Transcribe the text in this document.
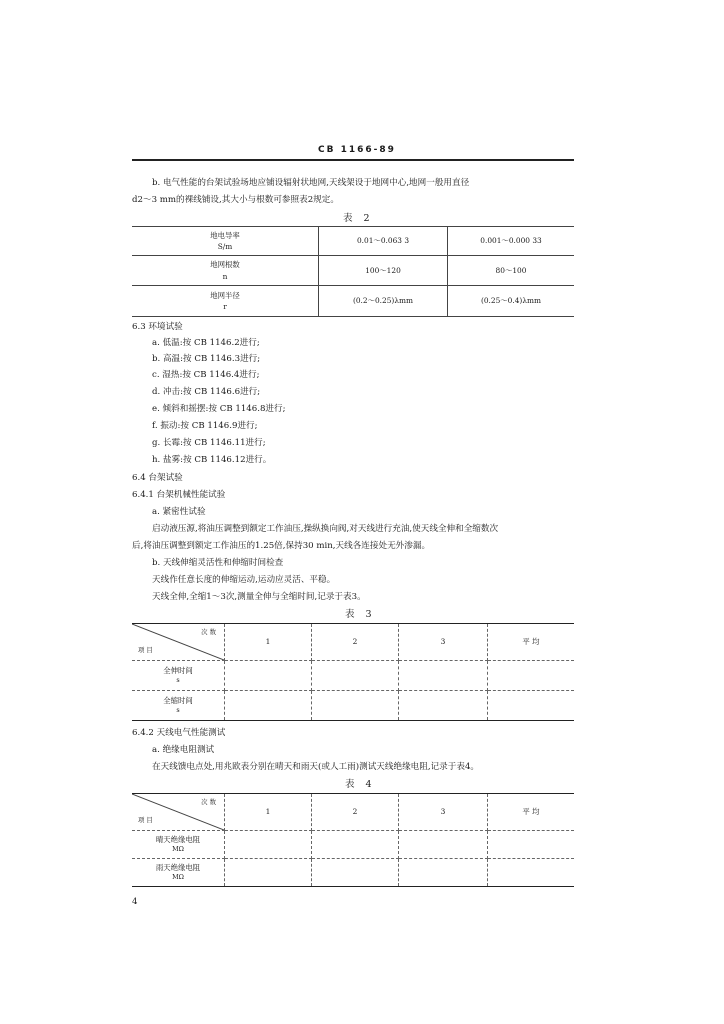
CB 1166-89
b. 电气性能的台架试验场地应铺设辐射状地网,天线架设于地网中心,地网一般用直径
d2～3 mm的裸线铺设,其大小与根数可参照表2规定。
表 2
地电导率
S/m	0.01～0.063 3	0.001～0.000 33

地网根数
n	100～120	80～100

地网半径
r	(0.2～0.25)λmm	(0.25～0.4)λmm
6.3 环境试验
a. 低温:按 CB 1146.2进行;
b. 高温:按 CB 1146.3进行;
c. 湿热:按 CB 1146.4进行;
d. 冲击:按 CB 1146.6进行;
e. 倾斜和摇摆:按 CB 1146.8进行;
f. 振动:按 CB 1146.9进行;
g. 长霉:按 CB 1146.11进行;
h. 盐雾:按 CB 1146.12进行。
6.4 台架试验
6.4.1 台架机械性能试验
a. 紧密性试验
启动液压源,将油压调整到额定工作油压,操纵换向阀,对天线进行充油,使天线全伸和全缩数次
后,将油压调整到额定工作油压的1.25倍,保持30 min,天线各连接处无外渗漏。
b. 天线伸缩灵活性和伸缩时间检查
天线作任意长度的伸缩运动,运动应灵活、平稳。
天线全伸,全缩1～3次,测量全伸与全缩时间,记录于表3。
表 3
次 数
项 目	1	2	3	平 均

全伸时间
s				

全缩时间
s				

6.4.2 天线电气性能测试
a. 绝缘电阻测试
在天线馈电点处,用兆欧表分别在晴天和雨天(或人工雨)测试天线绝缘电阻,记录于表4。
表 4
次 数
项 目	1	2	3	平 均

晴天绝缘电阻
MΩ				

雨天绝缘电阻
MΩ				

4
